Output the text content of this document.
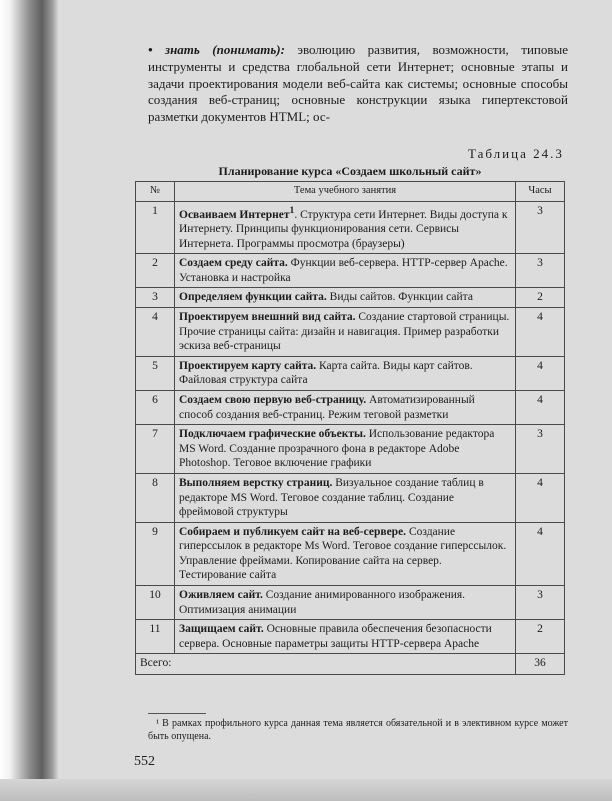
• знать (понимать): эволюцию развития, возможности, типовые инструменты и средства глобальной сети Интернет; основные этапы и задачи проектирования модели веб-сайта как системы; основные способы создания веб-страниц; основные конструкции языка гипертекстовой разметки документов HTML; ос-
Таблица 24.3
Планирование курса «Создаем школьный сайт»
№	Тема учебного занятия	Часы
1	Осваиваем Интернет$^1$. Структура сети Интернет. Виды доступа к Интернету. Принципы функционирования сети. Сервисы Интернета. Программы просмотра (браузеры)	3
2	Создаем среду сайта. Функции веб-сервера. HTTP-сервер Apache. Установка и настройка	3
3	Определяем функции сайта. Виды сайтов. Функции сайта	2
4	Проектируем внешний вид сайта. Создание стартовой страницы. Прочие страницы сайта: дизайн и навигация. Пример разработки эскиза веб-страницы	4
5	Проектируем карту сайта. Карта сайта. Виды карт сайтов. Файловая структура сайта	4
6	Создаем свою первую веб-страницу. Автоматизированный способ создания веб-страниц. Режим теговой разметки	4
7	Подключаем графические объекты. Использование редактора MS Word. Создание прозрачного фона в редакторе Adobe Photoshop. Теговое включение графики	3
8	Выполняем верстку страниц. Визуальное создание таблиц в редакторе MS Word. Теговое создание таблиц. Создание фреймовой структуры	4
9	Собираем и публикуем сайт на веб-сервере. Создание гиперссылок в редакторе Ms Word. Теговое создание гиперссылок. Управление фреймами. Копирование сайта на сервер. Тестирование сайта	4
10	Оживляем сайт. Создание анимированного изображения. Оптимизация анимации	3
11	Защищаем сайт. Основные правила обеспечения безопасности сервера. Основные параметры защиты HTTP-сервера Apache	2
Всего:		36
¹ В рамках профильного курса данная тема является обязательной и в элективном курсе может быть опущена.
552
